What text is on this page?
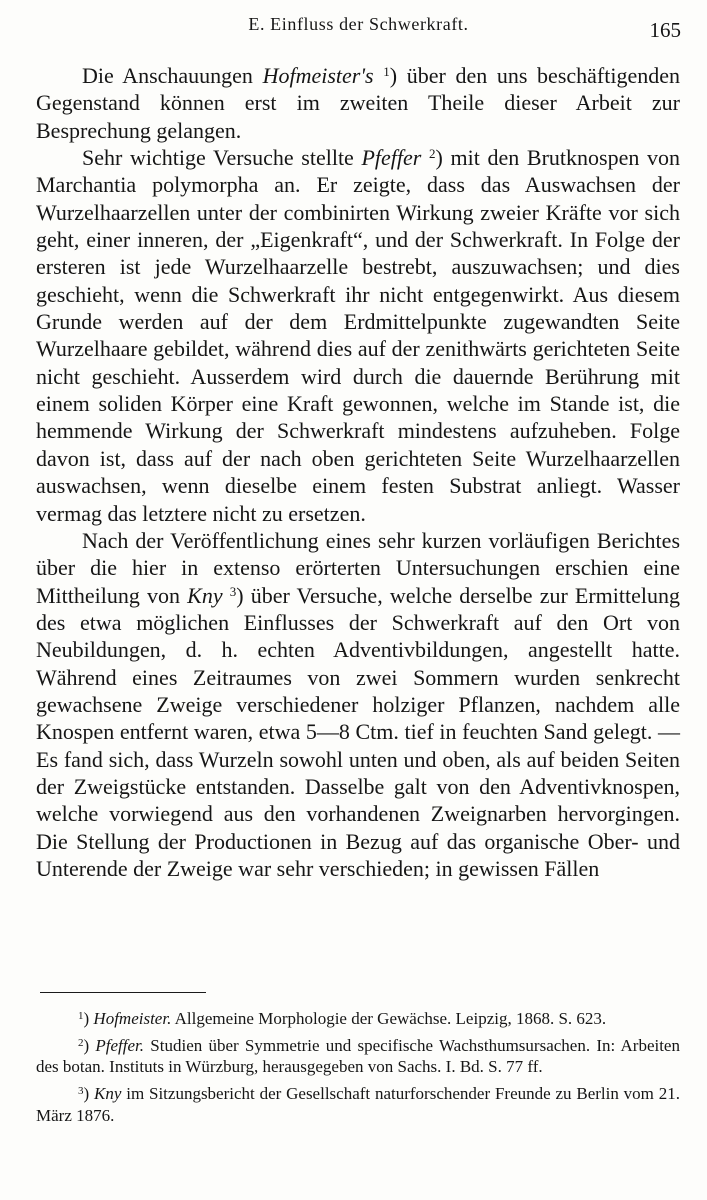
E. Einfluss der Schwerkraft.	165

Die Anschauungen Hofmeister's $^1$) über den uns beschäftigenden Gegenstand können erst im zweiten Theile dieser Arbeit zur Besprechung gelangen.

Sehr wichtige Versuche stellte Pfeffer $^2$) mit den Brutknospen von Marchantia polymorpha an. Er zeigte, dass das Auswachsen der Wurzelhaarzellen unter der combinirten Wirkung zweier Kräfte vor sich geht, einer inneren, der „Eigenkraft“, und der Schwerkraft. In Folge der ersteren ist jede Wurzelhaarzelle bestrebt, auszuwachsen; und dies geschieht, wenn die Schwerkraft ihr nicht entgegenwirkt. Aus diesem Grunde werden auf der dem Erdmittelpunkte zugewandten Seite Wurzelhaare gebildet, während dies auf der zenithwärts gerichteten Seite nicht geschieht. Ausserdem wird durch die dauernde Berührung mit einem soliden Körper eine Kraft gewonnen, welche im Stande ist, die hemmende Wirkung der Schwerkraft mindestens aufzuheben. Folge davon ist, dass auf der nach oben gerichteten Seite Wurzelhaarzellen auswachsen, wenn dieselbe einem festen Substrat anliegt. Wasser vermag das letztere nicht zu ersetzen.

Nach der Veröffentlichung eines sehr kurzen vorläufigen Berichtes über die hier in extenso erörterten Untersuchungen erschien eine Mittheilung von Kny $^3$) über Versuche, welche derselbe zur Ermittelung des etwa möglichen Einflusses der Schwerkraft auf den Ort von Neubildungen, d. h. echten Adventivbildungen, angestellt hatte. Während eines Zeitraumes von zwei Sommern wurden senkrecht gewachsene Zweige verschiedener holziger Pflanzen, nachdem alle Knospen entfernt waren, etwa 5—8 Ctm. tief in feuchten Sand gelegt. — Es fand sich, dass Wurzeln sowohl unten und oben, als auf beiden Seiten der Zweigstücke entstanden. Dasselbe galt von den Adventivknospen, welche vorwiegend aus den vorhandenen Zweignarben hervorgingen. Die Stellung der Productionen in Bezug auf das organische Ober- und Unterende der Zweige war sehr verschieden; in gewissen Fällen

$^1$) Hofmeister. Allgemeine Morphologie der Gewächse. Leipzig, 1868. S. 623.

$^2$) Pfeffer. Studien über Symmetrie und specifische Wachsthumsursachen. In: Arbeiten des botan. Instituts in Würzburg, herausgegeben von Sachs. I. Bd. S. 77 ff.

$^3$) Kny im Sitzungsbericht der Gesellschaft naturforschender Freunde zu Berlin vom 21. März 1876.
